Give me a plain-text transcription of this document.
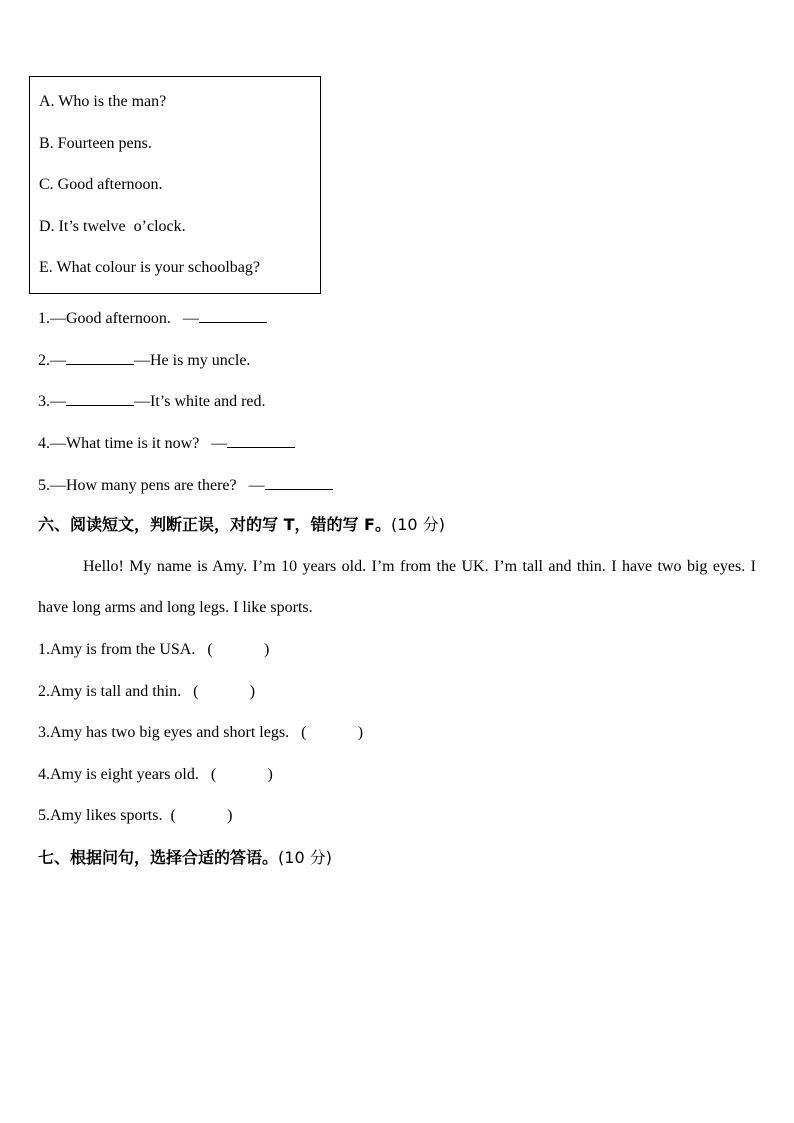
A. Who is the man?
B. Fourteen pens.
C. Good afternoon.
D. It’s twelve  o’clock.
E. What colour is your schoolbag?
1.—Good afternoon.   —
2.—	—He is my uncle.
3.—	—It’s white and red.
4.—What time is it now?   —
5.—How many pens are there?   —
六、阅读短文，判断正误，对的写 T，错的写 F。(10 分)
Hello! My name is Amy. I’m 10 years old. I’m from the UK. I’m tall and thin. I have two big eyes. I have long arms and long legs. I like sports.
1.Amy is from the USA. (	)

2.Amy is tall and thin. (	)

3.Amy has two big eyes and short legs. (	)

4.Amy is eight years old. (	)

5.Amy likes sports. (	)

七、根据问句，选择合适的答语。(10 分)
